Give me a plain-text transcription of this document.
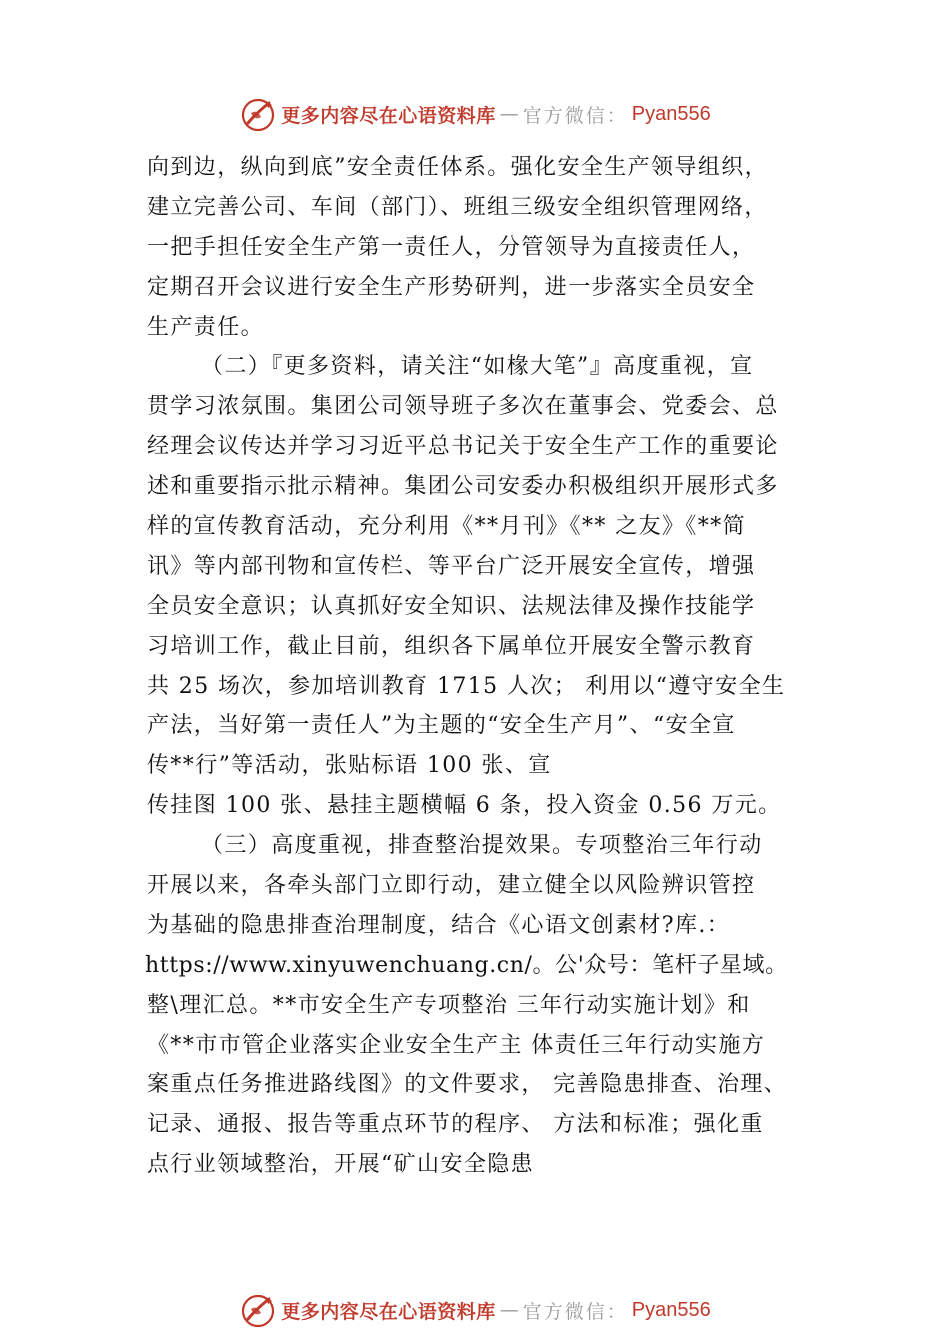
更多内容尽在心语资料库 — 官方微信： Pyan556
向到边，纵向到底”安全责任体系。强化安全生产领导组织，
建立完善公司、车间（部门）、班组三级安全组织管理网络，
一把手担任安全生产第一责任人，分管领导为直接责任人，
定期召开会议进行安全生产形势研判，进一步落实全员安全
生产责任。
（二）『更多资料，请关注“如椽大笔”』高度重视，宣
贯学习浓氛围。集团公司领导班子多次在董事会、党委会、总
经理会议传达并学习习近平总书记关于安全生产工作的重要论
述和重要指示批示精神。集团公司安委办积极组织开展形式多
样的宣传教育活动，充分利用《**月刊》《** 之友》《**简
讯》等内部刊物和宣传栏、等平台广泛开展安全宣传，增强
全员安全意识；认真抓好安全知识、法规法律及操作技能学
习培训工作，截止目前，组织各下属单位开展安全警示教育
共 25 场次，参加培训教育 1715 人次； 利用以“遵守安全生
产法，当好第一责任人”为主题的“安全生产月”、“安全宣
传**行”等活动，张贴标语 100 张、宣
传挂图 100 张、悬挂主题横幅 6 条，投入资金 0.56 万元。
（三）高度重视，排查整治提效果。专项整治三年行动
开展以来，各牵头部门立即行动，建立健全以风险辨识管控
为基础的隐患排查治理制度，结合《心语文创素材?库.：
https://www.xinyuwenchuang.cn/。公'众号：笔杆子星域。
整\理汇总。**市安全生产专项整治 三年行动实施计划》和
《**市市管企业落实企业安全生产主 体责任三年行动实施方
案重点任务推进路线图》的文件要求， 完善隐患排查、治理、
记录、通报、报告等重点环节的程序、 方法和标准；强化重
点行业领域整治，开展“矿山安全隐患
更多内容尽在心语资料库 — 官方微信： Pyan556
